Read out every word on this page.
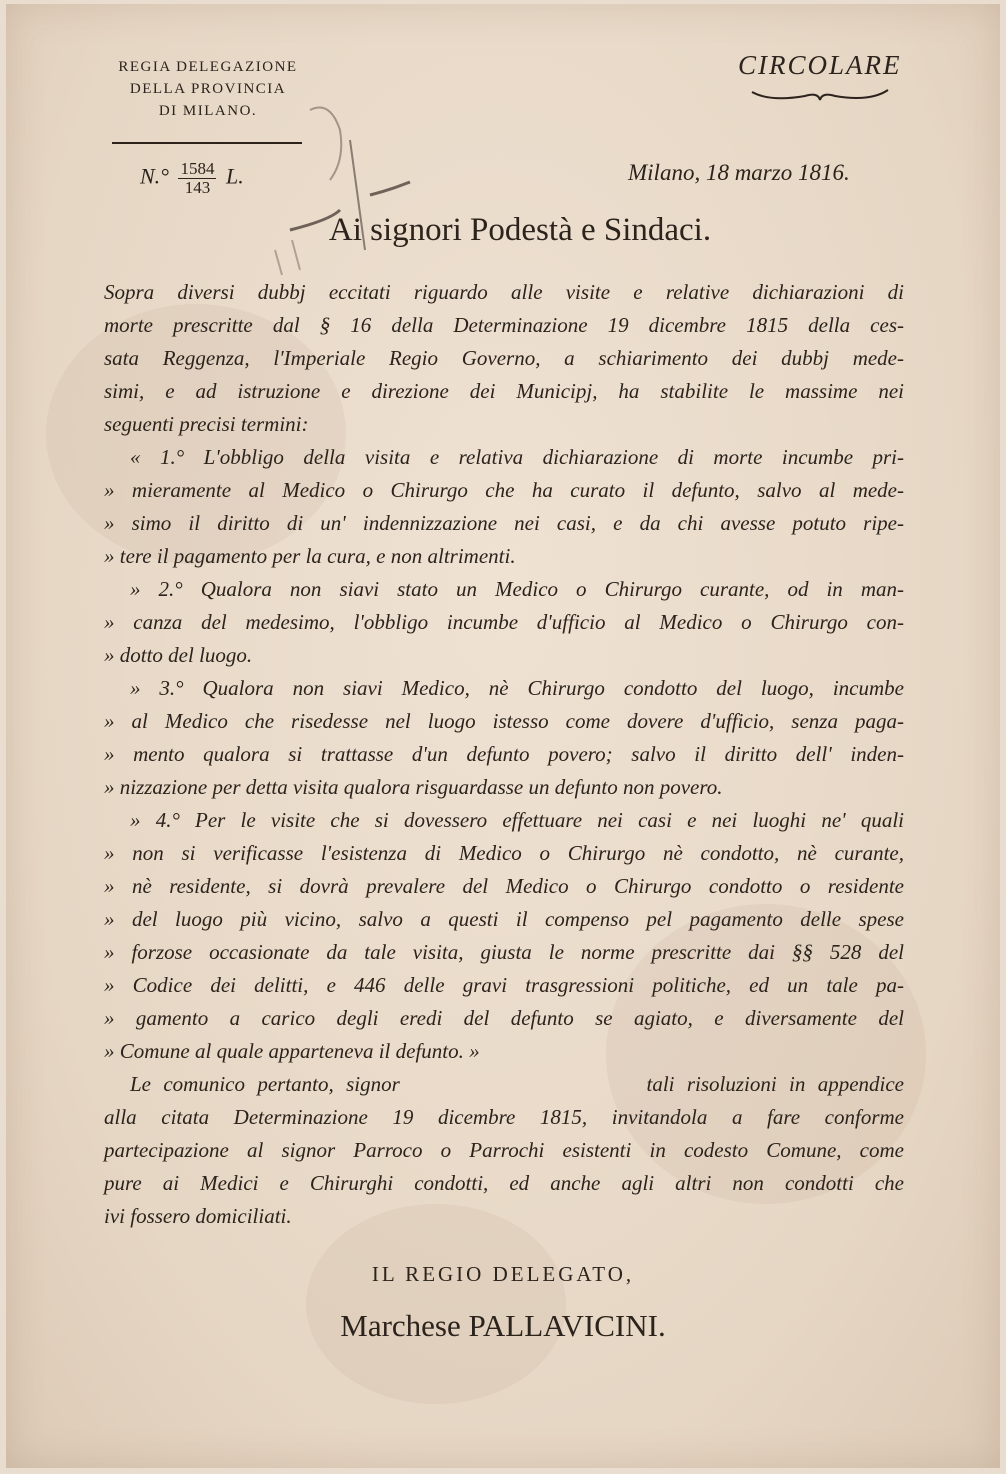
REGIA DELEGAZIONE
DELLA PROVINCIA
DI MILANO.
CIRCOLARE
$N.^\circ \frac{1584}{143} L$.	Milano, 18 marzo 1816.
Ai signori Podestà e Sindaci.
Sopra diversi dubbj eccitati riguardo alle visite e relative dichiarazioni di
morte prescritte dal § 16 della Determinazione 19 dicembre 1815 della ces-
sata Reggenza, l'Imperiale Regio Governo, a schiarimento dei dubbj mede-
simi, e ad istruzione e direzione dei Municipj, ha stabilite le massime nei
seguenti precisi termini:
« 1.° L'obbligo della visita e relativa dichiarazione di morte incumbe pri-
» mieramente al Medico o Chirurgo che ha curato il defunto, salvo al mede-
» simo il diritto di un' indennizzazione nei casi, e da chi avesse potuto ripe-
» tere il pagamento per la cura, e non altrimenti.
» 2.° Qualora non siavi stato un Medico o Chirurgo curante, od in man-
» canza del medesimo, l'obbligo incumbe d'ufficio al Medico o Chirurgo con-
» dotto del luogo.
» 3.° Qualora non siavi Medico, nè Chirurgo condotto del luogo, incumbe
» al Medico che risedesse nel luogo istesso come dovere d'ufficio, senza paga-
» mento qualora si trattasse d'un defunto povero; salvo il diritto dell' inden-
» nizzazione per detta visita qualora risguardasse un defunto non povero.
» 4.° Per le visite che si dovessero effettuare nei casi e nei luoghi ne' quali
» non si verificasse l'esistenza di Medico o Chirurgo nè condotto, nè curante,
» nè residente, si dovrà prevalere del Medico o Chirurgo condotto o residente
» del luogo più vicino, salvo a questi il compenso pel pagamento delle spese
» forzose occasionate da tale visita, giusta le norme prescritte dai §§ 528 del
» Codice dei delitti, e 446 delle gravi trasgressioni politiche, ed un tale pa-
» gamento a carico degli eredi del defunto se agiato, e diversamente del
» Comune al quale apparteneva il defunto. »
Le comunico pertanto, signor                    tali risoluzioni in appendice
alla citata Determinazione 19 dicembre 1815, invitandola a fare conforme
partecipazione al signor Parroco o Parrochi esistenti in codesto Comune, come
pure ai Medici e Chirurghi condotti, ed anche agli altri non condotti che
ivi fossero domiciliati.
IL REGIO DELEGATO,
Marchese PALLAVICINI.
